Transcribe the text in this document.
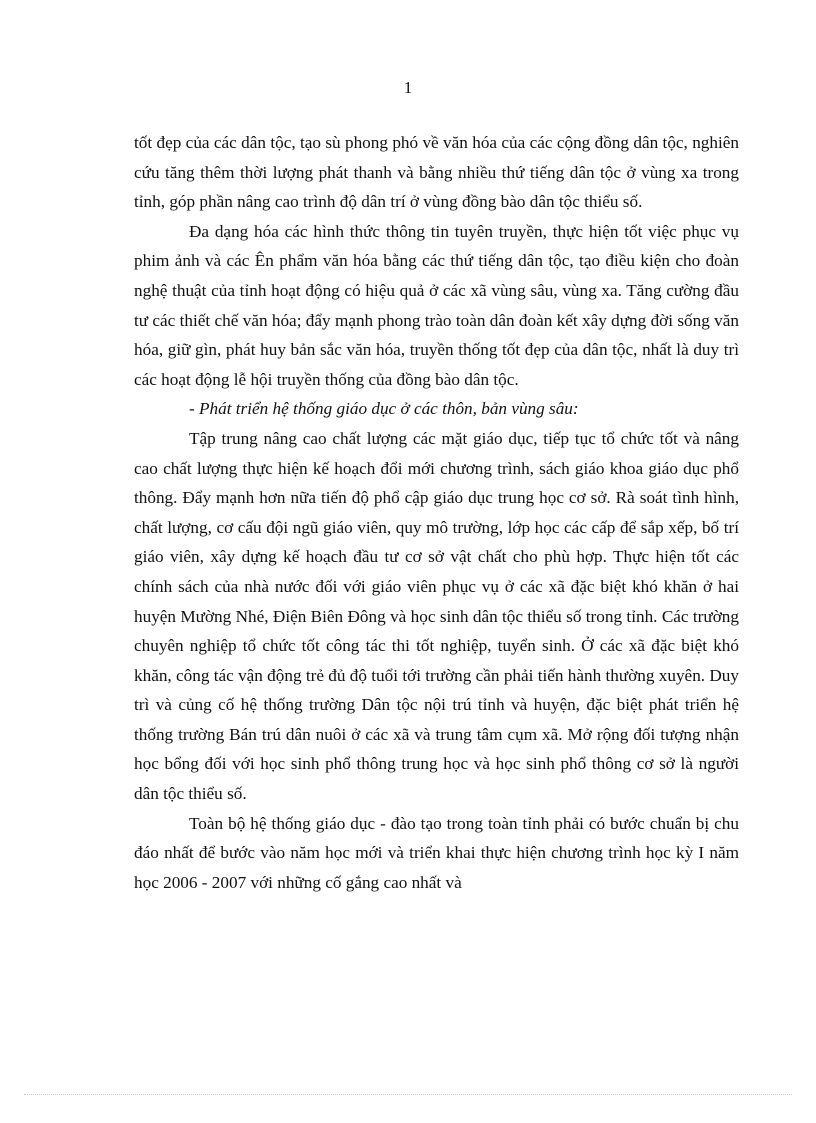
1

tốt đẹp của các dân tộc, tạo sù phong phó về văn hóa của các cộng đồng dân tộc, nghiên cứu tăng thêm thời lượng phát thanh và bằng nhiều thứ tiếng dân tộc ở vùng xa trong tỉnh, góp phần nâng cao trình độ dân trí ở vùng đồng bào dân tộc thiểu số.

Đa dạng hóa các hình thức thông tin tuyên truyền, thực hiện tốt việc phục vụ phim ảnh và các Ên phẩm văn hóa bằng các thứ tiếng dân tộc, tạo điều kiện cho đoàn nghệ thuật của tỉnh hoạt động có hiệu quả ở các xã vùng sâu, vùng xa. Tăng cường đầu tư các thiết chế văn hóa; đẩy mạnh phong trào toàn dân đoàn kết xây dựng đời sống văn hóa, giữ gìn, phát huy bản sắc văn hóa, truyền thống tốt đẹp của dân tộc, nhất là duy trì các hoạt động lễ hội truyền thống của đồng bào dân tộc.

- Phát triển hệ thống giáo dục ở các thôn, bản vùng sâu:

Tập trung nâng cao chất lượng các mặt giáo dục, tiếp tục tổ chức tốt và nâng cao chất lượng thực hiện kế hoạch đổi mới chương trình, sách giáo khoa giáo dục phổ thông. Đẩy mạnh hơn nữa tiến độ phổ cập giáo dục trung học cơ sở. Rà soát tình hình, chất lượng, cơ cấu đội ngũ giáo viên, quy mô trường, lớp học các cấp để sắp xếp, bố trí giáo viên, xây dựng kế hoạch đầu tư cơ sở vật chất cho phù hợp. Thực hiện tốt các chính sách của nhà nước đối với giáo viên phục vụ ở các xã đặc biệt khó khăn ở hai huyện Mường Nhé, Điện Biên Đông và học sinh dân tộc thiểu số trong tỉnh. Các trường chuyên nghiệp tổ chức tốt công tác thi tốt nghiệp, tuyển sinh. Ở các xã đặc biệt khó khăn, công tác vận động trẻ đủ độ tuổi tới trường cần phải tiến hành thường xuyên. Duy trì và củng cố hệ thống trường Dân tộc nội trú tỉnh và huyện, đặc biệt phát triển hệ thống trường Bán trú dân nuôi ở các xã và trung tâm cụm xã. Mở rộng đối tượng nhận học bổng đối với học sinh phổ thông trung học và học sinh phổ thông cơ sở là người dân tộc thiểu số.

Toàn bộ hệ thống giáo dục - đào tạo trong toàn tỉnh phải có bước chuẩn bị chu đáo nhất để bước vào năm học mới và triển khai thực hiện chương trình học kỳ I năm học 2006 - 2007 với những cố gắng cao nhất và
